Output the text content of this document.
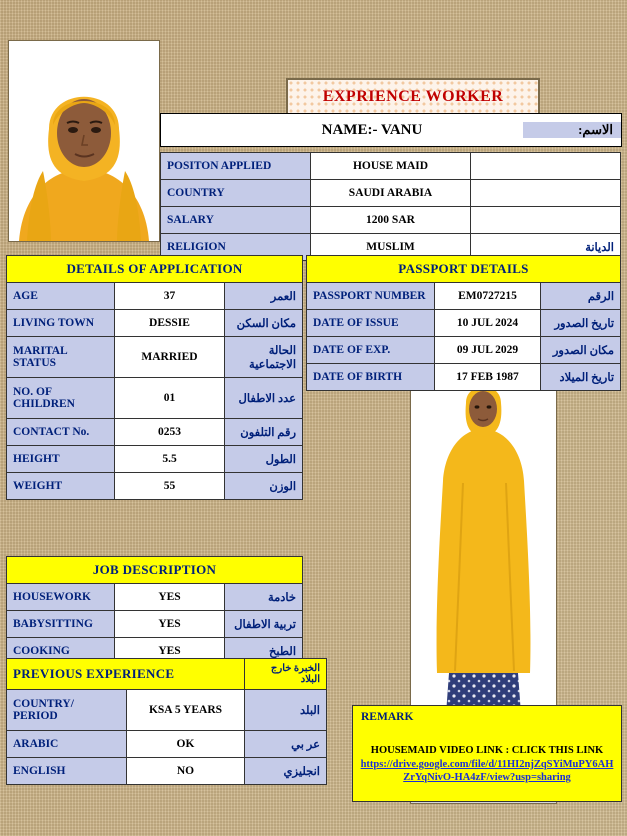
EXPRIENCE WORKER
NAME:- VANU	الاسم:
POSITON APPLIED	HOUSE MAID	
COUNTRY	SAUDI ARABIA	
SALARY	1200 SAR	
RELIGION	MUSLIM	الدیانة
DETAILS OF APPLICATION		
AGE	37	العمر
LIVING TOWN	DESSIE	مكان السكن
MARITAL STATUS	MARRIED	الحالة الاجتماعية
NO. OF CHILDREN	01	عدد الاطفال
CONTACT No.	0253	رقم التلفون
HEIGHT	5.5	الطول
WEIGHT	55	الوزن
PASSPORT DETAILS		
PASSPORT NUMBER	EM0727215	الرقم
DATE OF ISSUE	10 JUL 2024	تاريخ الصدور
DATE OF EXP.	09 JUL 2029	مكان الصدور
DATE OF BIRTH	17 FEB 1987	تاريخ الميلاد
JOB DESCRIPTION		
HOUSEWORK	YES	خادمة
BABYSITTING	YES	تربية الاطفال
COOKING	YES	الطبخ
PREVIOUS EXPERIENCE		الخبرة خارج البلاد
COUNTRY/ PERIOD	KSA 5 YEARS	البلد
ARABIC	OK	عر بي
ENGLISH	NO	انجليزي
REMARK
HOUSEMAID VIDEO LINK : CLICK THIS LINK
https://drive.google.com/file/d/11HI2njZqSYiMuPY6AHZrYqNivO-HA4zF/view?usp=sharing
